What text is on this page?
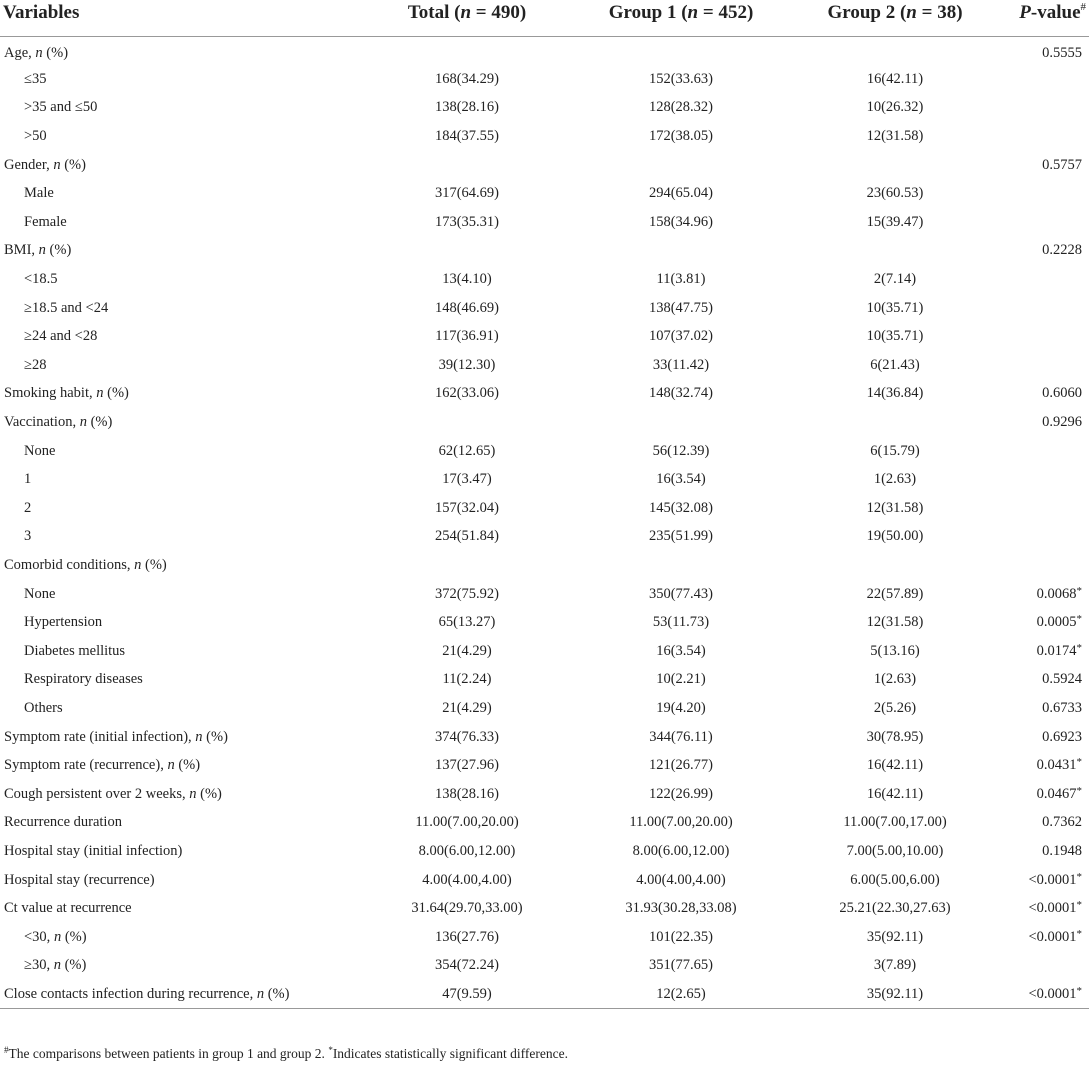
Variables	Total (n = 490)	Group 1 (n = 452)	Group 2 (n = 38)	P-value#
Age, n (%)				0.5555
≤35	168(34.29)	152(33.63)	16(42.11)	
>35 and ≤50	138(28.16)	128(28.32)	10(26.32)	
>50	184(37.55)	172(38.05)	12(31.58)	
Gender, n (%)				0.5757
Male	317(64.69)	294(65.04)	23(60.53)	
Female	173(35.31)	158(34.96)	15(39.47)	
BMI, n (%)				0.2228
<18.5	13(4.10)	11(3.81)	2(7.14)	
≥18.5 and <24	148(46.69)	138(47.75)	10(35.71)	
≥24 and <28	117(36.91)	107(37.02)	10(35.71)	
≥28	39(12.30)	33(11.42)	6(21.43)	
Smoking habit, n (%)	162(33.06)	148(32.74)	14(36.84)	0.6060
Vaccination, n (%)				0.9296
None	62(12.65)	56(12.39)	6(15.79)	
1	17(3.47)	16(3.54)	1(2.63)	
2	157(32.04)	145(32.08)	12(31.58)	
3	254(51.84)	235(51.99)	19(50.00)	
Comorbid conditions, n (%)				
None	372(75.92)	350(77.43)	22(57.89)	0.0068*
Hypertension	65(13.27)	53(11.73)	12(31.58)	0.0005*
Diabetes mellitus	21(4.29)	16(3.54)	5(13.16)	0.0174*
Respiratory diseases	11(2.24)	10(2.21)	1(2.63)	0.5924
Others	21(4.29)	19(4.20)	2(5.26)	0.6733
Symptom rate (initial infection), n (%)	374(76.33)	344(76.11)	30(78.95)	0.6923
Symptom rate (recurrence), n (%)	137(27.96)	121(26.77)	16(42.11)	0.0431*
Cough persistent over 2 weeks, n (%)	138(28.16)	122(26.99)	16(42.11)	0.0467*
Recurrence duration	11.00(7.00,20.00)	11.00(7.00,20.00)	11.00(7.00,17.00)	0.7362
Hospital stay (initial infection)	8.00(6.00,12.00)	8.00(6.00,12.00)	7.00(5.00,10.00)	0.1948
Hospital stay (recurrence)	4.00(4.00,4.00)	4.00(4.00,4.00)	6.00(5.00,6.00)	<0.0001*
Ct value at recurrence	31.64(29.70,33.00)	31.93(30.28,33.08)	25.21(22.30,27.63)	<0.0001*
<30, n (%)	136(27.76)	101(22.35)	35(92.11)	<0.0001*
≥30, n (%)	354(72.24)	351(77.65)	3(7.89)	
Close contacts infection during recurrence, n (%)	47(9.59)	12(2.65)	35(92.11)	<0.0001*
#The comparisons between patients in group 1 and group 2. *Indicates statistically significant difference.
